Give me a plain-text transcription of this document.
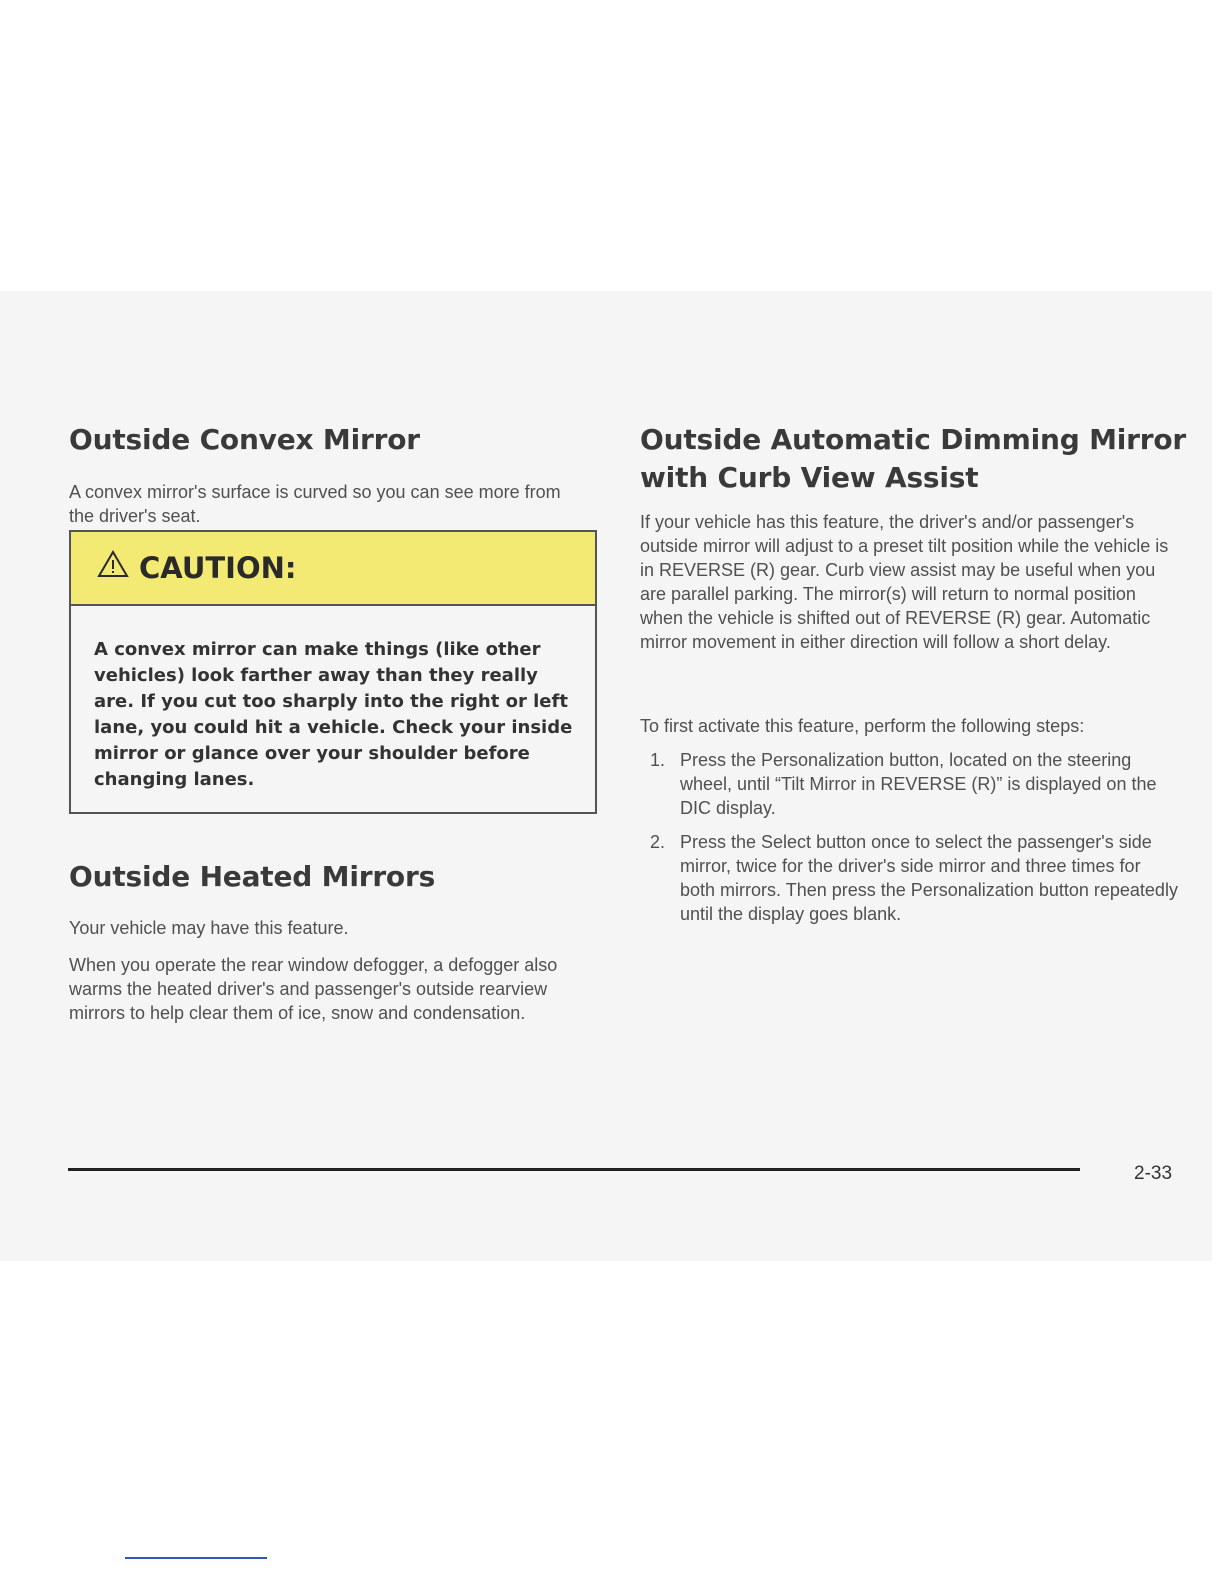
Outside Convex Mirror

A convex mirror's surface is curved so you can see more from the driver's seat.

CAUTION:

A convex mirror can make things (like other vehicles) look farther away than they really are. If you cut too sharply into the right or left lane, you could hit a vehicle. Check your inside mirror or glance over your shoulder before changing lanes.

Outside Heated Mirrors

Your vehicle may have this feature.

When you operate the rear window defogger, a defogger also warms the heated driver's and passenger's outside rearview mirrors to help clear them of ice, snow and condensation.

Outside Automatic Dimming Mirror
with Curb View Assist

If your vehicle has this feature, the driver's and/or passenger's outside mirror will adjust to a preset tilt position while the vehicle is in REVERSE (R) gear. Curb view assist may be useful when you are parallel parking. The mirror(s) will return to normal position when the vehicle is shifted out of REVERSE (R) gear. Automatic mirror movement in either direction will follow a short delay.

To first activate this feature, perform the following steps:

1. Press the Personalization button, located on the steering wheel, until “Tilt Mirror in REVERSE (R)” is displayed on the DIC display.
2. Press the Select button once to select the passenger's side mirror, twice for the driver's side mirror and three times for both mirrors. Then press the Personalization button repeatedly until the display goes blank.
2-33
